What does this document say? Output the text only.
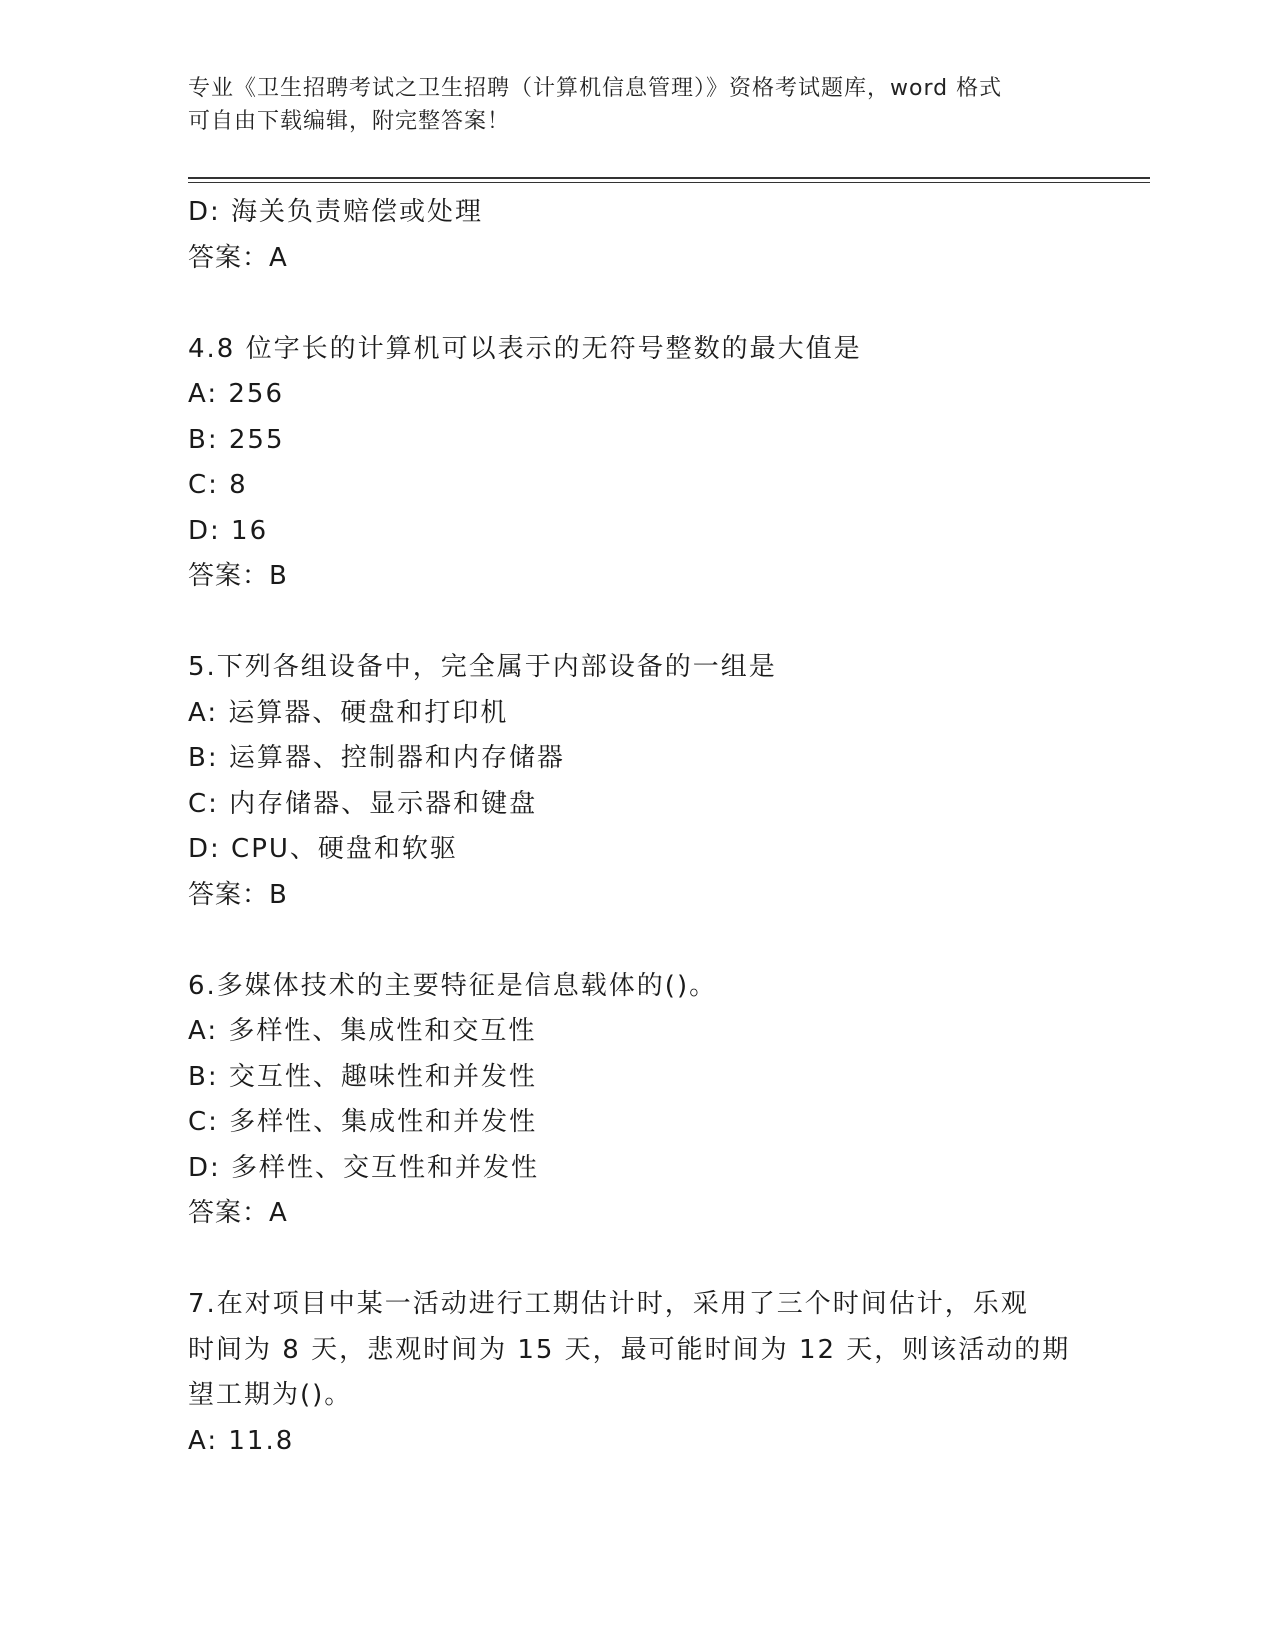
专业《卫生招聘考试之卫生招聘（计算机信息管理）》资格考试题库，word 格式
可自由下载编辑，附完整答案！
D: 海关负责赔偿或处理
答案：A
4.8 位字长的计算机可以表示的无符号整数的最大值是
A: 256
B: 255
C: 8
D: 16
答案：B
5.下列各组设备中，完全属于内部设备的一组是
A: 运算器、硬盘和打印机
B: 运算器、控制器和内存储器
C: 内存储器、显示器和键盘
D: CPU、硬盘和软驱
答案：B
6.多媒体技术的主要特征是信息载体的()。
A: 多样性、集成性和交互性
B: 交互性、趣味性和并发性
C: 多样性、集成性和并发性
D: 多样性、交互性和并发性
答案：A
7.在对项目中某一活动进行工期估计时，采用了三个时间估计，乐观
时间为 8 天，悲观时间为 15 天，最可能时间为 12 天，则该活动的期
望工期为()。
A: 11.8
